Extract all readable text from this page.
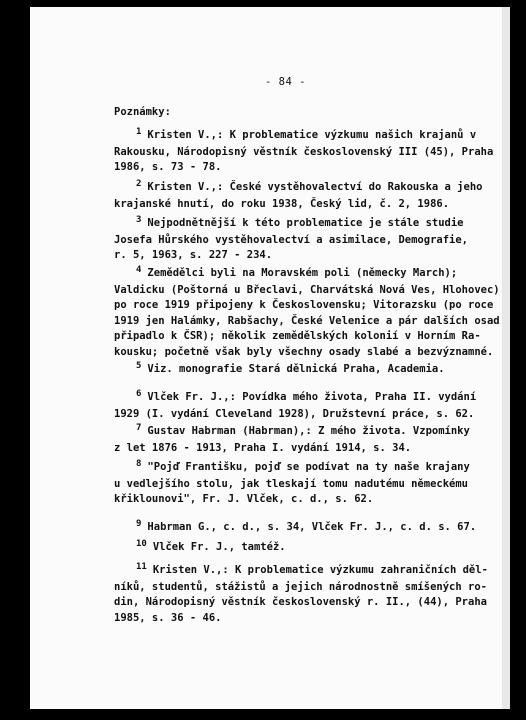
- 84 -
Poznámky:
1 Kristen V.,: K problematice výzkumu našich krajanů v
Rakousku, Národopisný věstník československý III (45), Praha
1986, s. 73 - 78.
2 Kristen V.,: České vystěhovalectví do Rakouska a jeho
krajanské hnutí, do roku 1938, Český lid, č. 2, 1986.
3 Nejpodnětnější k této problematice je stále studie
Josefa Hůrského vystěhovalectví a asimilace, Demografie,
r. 5, 1963, s. 227 - 234.
4 Zemědělci byli na Moravském poli (německy March);
Valdicku (Poštorná u Břeclavi, Charvátská Nová Ves, Hlohovec)
po roce 1919 připojeny k Československu; Vitorazsku (po roce
1919 jen Halámky, Rabšachy, České Velenice a pár dalších osad
připadlo k ČSR); několik zemědělských kolonií v Horním Ra-
kousku; početně však byly všechny osady slabé a bezvýznamné.
5 Viz. monografie Stará dělnická Praha, Academia.
6 Vlček Fr. J.,: Povídka mého života, Praha II. vydání
1929 (I. vydání Cleveland 1928), Družstevní práce, s. 62.
7 Gustav Habrman (Habrman),: Z mého života. Vzpomínky
z let 1876 - 1913, Praha I. vydání 1914, s. 34.
8 "Pojď Františku, pojď se podívat na ty naše krajany
u vedlejšího stolu, jak tleskají tomu nadutému německému
křiklounovi", Fr. J. Vlček, c. d., s. 62.
9 Habrman G., c. d., s. 34, Vlček Fr. J., c. d. s. 67.
10 Vlček Fr. J., tamtéž.
11 Kristen V.,: K problematice výzkumu zahraničních děl-
níků, studentů, stážistů a jejich národnostně smíšených ro-
din, Národopisný věstník československý r. II., (44), Praha
1985, s. 36 - 46.
